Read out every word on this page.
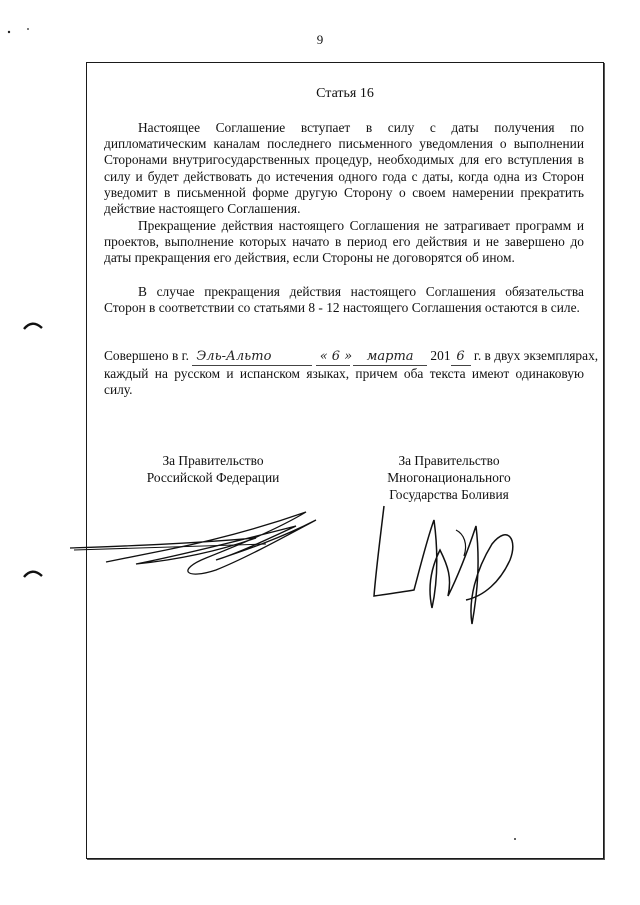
9
Статья 16

Настоящее Соглашение вступает в силу с даты получения по дипломатическим каналам последнего письменного уведомления о выполнении Сторонами внутригосударственных процедур, необходимых для его вступления в силу и будет действовать до истечения одного года с даты, когда одна из Сторон уведомит в письменной форме другую Сторону о своем намерении прекратить действие настоящего Соглашения.

Прекращение действия настоящего Соглашения не затрагивает программ и проектов, выполнение которых начато в период его действия и не завершено до даты прекращения его действия, если Стороны не договорятся об ином.

В случае прекращения действия настоящего Соглашения обязательства Сторон в соответствии со статьями 8 - 12 настоящего Соглашения остаются в силе.

Совершено в г. Эль-Альто	« 6 » марта 201 6 г. в двух экземплярах,
каждый на русском и испанском языках, причем оба текста имеют одинаковую силу.
За Правительство
Российской Федерации
За Правительство
Многонационального
Государства Боливия
